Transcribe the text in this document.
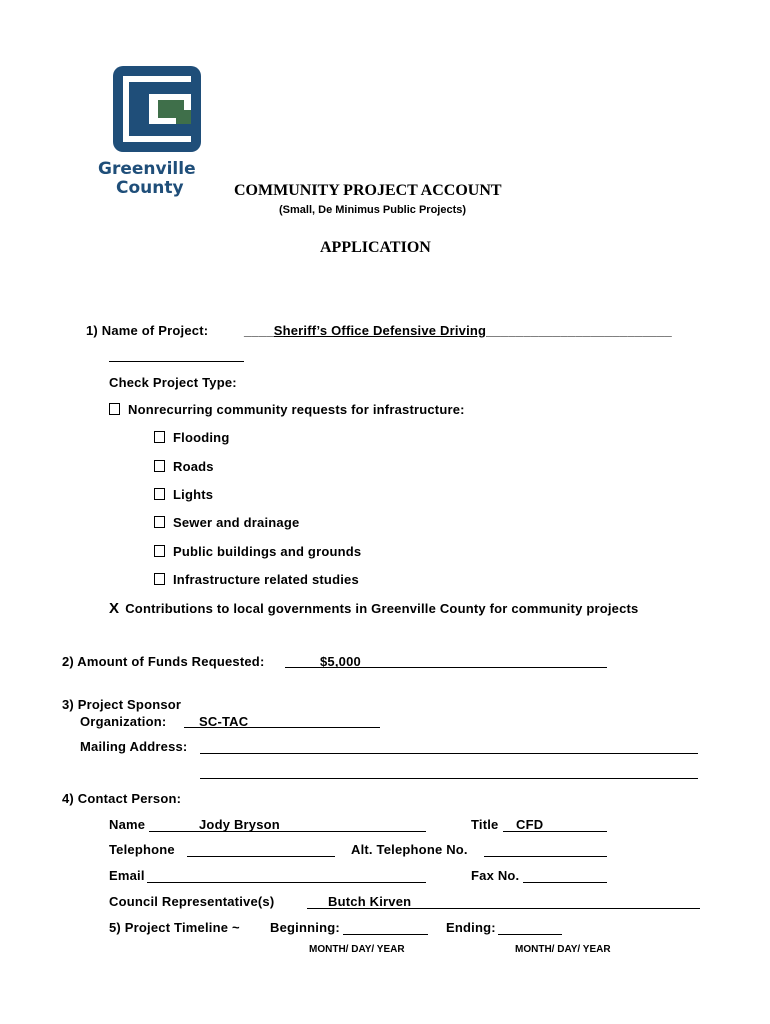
Greenville
County	COMMUNITY PROJECT ACCOUNT
(Small, De Minimus Public Projects)
APPLICATION
1) Name of Project:	____Sheriff’s Office Defensive Driving_________________________
Check Project Type:
Nonrecurring community requests for infrastructure:
Flooding
Roads
Lights
Sewer and drainage
Public buildings and grounds
Infrastructure related studies
X Contributions to local governments in Greenville County for community projects
2) Amount of Funds Requested:	$5,000
3) Project Sponsor
Organization:	SC-TAC
Mailing Address:
4) Contact Person:
Name	Jody Bryson	Title CFD
Telephone	Alt. Telephone No.
Email	Fax No.
Council Representative(s)	Butch Kirven
5) Project Timeline ~ Beginning:	Ending:
MONTH/ DAY/ YEAR	MONTH/ DAY/ YEAR
